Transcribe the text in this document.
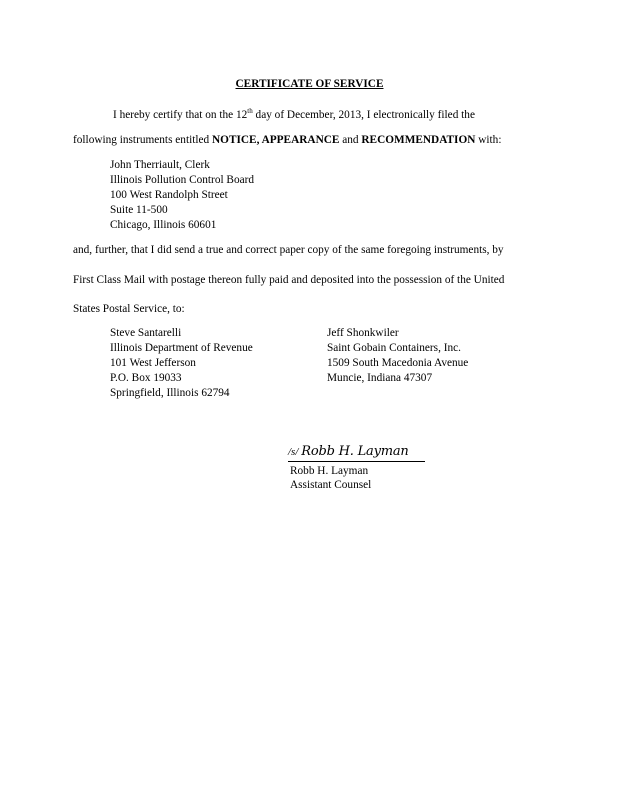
CERTIFICATE OF SERVICE
I hereby certify that on the 12th day of December, 2013, I electronically filed the
following instruments entitled NOTICE, APPEARANCE and RECOMMENDATION with:
John Therriault, Clerk
Illinois Pollution Control Board
100 West Randolph Street
Suite 11-500
Chicago, Illinois 60601
and, further, that I did send a true and correct paper copy of the same foregoing instruments, by
First Class Mail with postage thereon fully paid and deposited into the possession of the United
States Postal Service, to:
Steve Santarelli
Illinois Department of Revenue
101 West Jefferson
P.O. Box 19033
Springfield, Illinois 62794
Jeff Shonkwiler
Saint Gobain Containers, Inc.
1509 South Macedonia Avenue
Muncie, Indiana 47307
/s/ Robb H. Layman
Robb H. Layman
Assistant Counsel
